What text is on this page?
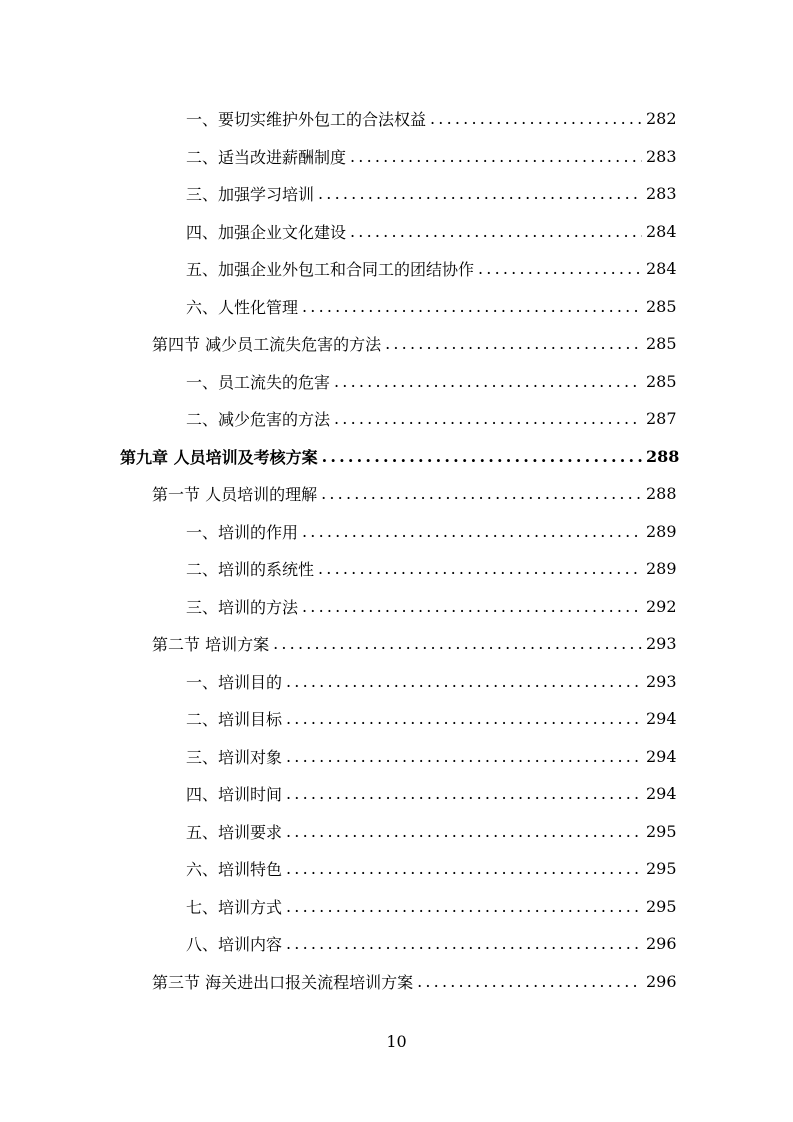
一、要切实维护外包工的合法权益 .....	282
二、适当改进薪酬制度 .....	283
三、加强学习培训 .....	283
四、加强企业文化建设 .....	284
五、加强企业外包工和合同工的团结协作 .....	284
六、人性化管理 .....	285
第四节 减少员工流失危害的方法 .....	285
一、员工流失的危害 .....	285
二、减少危害的方法 .....	287
第九章 人员培训及考核方案 .....	288
第一节 人员培训的理解 .....	288
一、培训的作用 .....	289
二、培训的系统性 .....	289
三、培训的方法 .....	292
第二节 培训方案 .....	293
一、培训目的 .....	293
二、培训目标 .....	294
三、培训对象 .....	294
四、培训时间 .....	294
五、培训要求 .....	295
六、培训特色 .....	295
七、培训方式 .....	295
八、培训内容 .....	296
第三节 海关进出口报关流程培训方案 .....	296
10
